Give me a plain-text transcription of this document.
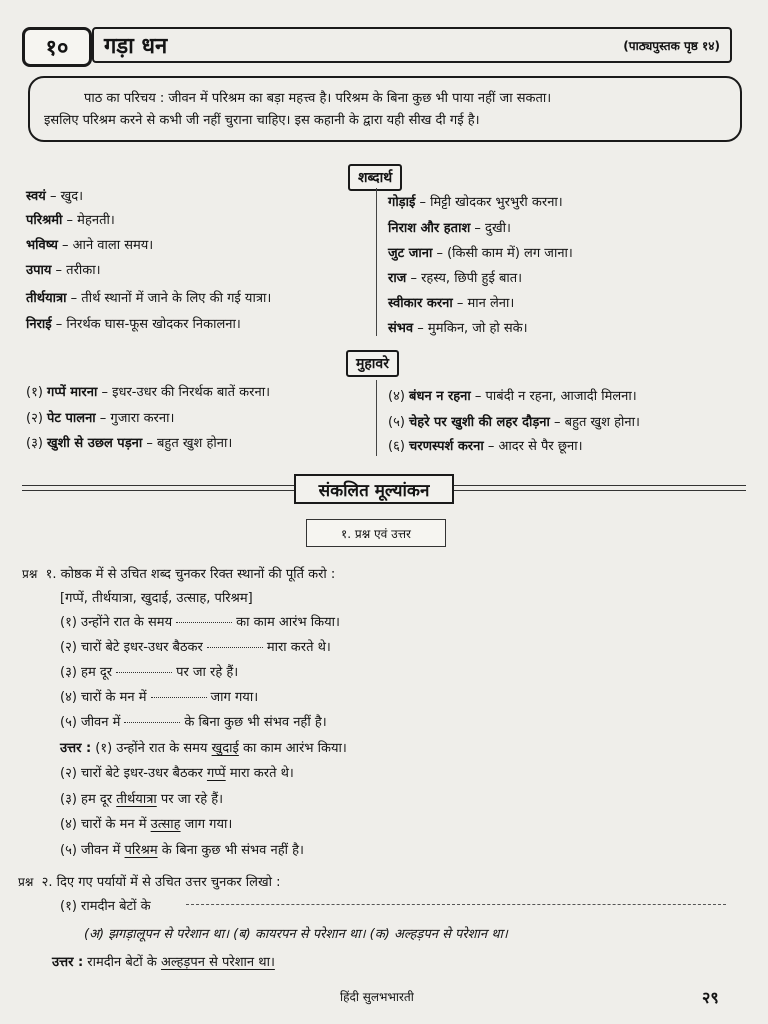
१०	गड़ा धन	(पाठ्यपुस्तक पृष्ठ १४)
पाठ का परिचय : जीवन में परिश्रम का बड़ा महत्त्व है। परिश्रम के बिना कुछ भी पाया नहीं जा सकता।
इसलिए परिश्रम करने से कभी जी नहीं चुराना चाहिए। इस कहानी के द्वारा यही सीख दी गई है।
शब्दार्थ
स्वयं – खुद।
परिश्रमी – मेहनती।
भविष्य – आने वाला समय।
उपाय – तरीका।
तीर्थयात्रा – तीर्थ स्थानों में जाने के लिए की गई यात्रा।
निराई – निरर्थक घास-फूस खोदकर निकालना।
गोड़ाई – मिट्टी खोदकर भुरभुरी करना।
निराश और हताश – दुखी।
जुट जाना – (किसी काम में) लग जाना।
राज – रहस्य, छिपी हुई बात।
स्वीकार करना – मान लेना।
संभव – मुमकिन, जो हो सके।
मुहावरे
(१) गप्पें मारना – इधर-उधर की निरर्थक बातें करना।
(२) पेट पालना – गुजारा करना।
(३) खुशी से उछल पड़ना – बहुत खुश होना।
(४) बंधन न रहना – पाबंदी न रहना, आजादी मिलना।
(५) चेहरे पर खुशी की लहर दौड़ना – बहुत खुश होना।
(६) चरणस्पर्श करना – आदर से पैर छूना।
संकलित मूल्यांकन
१. प्रश्न एवं उत्तर
प्रश्न १. कोष्ठक में से उचित शब्द चुनकर रिक्त स्थानों की पूर्ति करो :
[गप्पें, तीर्थयात्रा, खुदाई, उत्साह, परिश्रम]
(१) उन्होंने रात के समय	का काम आरंभ किया।
(२) चारों बेटे इधर-उधर बैठकर	मारा करते थे।
(३) हम दूर	पर जा रहे हैं।
(४) चारों के मन में	जाग गया।
(५) जीवन में	के बिना कुछ भी संभव नहीं है।
उत्तर : (१) उन्होंने रात के समय खुदाई का काम आरंभ किया।
(२) चारों बेटे इधर-उधर बैठकर गप्पें मारा करते थे।
(३) हम दूर तीर्थयात्रा पर जा रहे हैं।
(४) चारों के मन में उत्साह जाग गया।
(५) जीवन में परिश्रम के बिना कुछ भी संभव नहीं है।
प्रश्न २. दिए गए पर्यायों में से उचित उत्तर चुनकर लिखो :
(१) रामदीन बेटों के
(अ) झगड़ालूपन से परेशान था। (ब) कायरपन से परेशान था। (क) अल्हड़पन से परेशान था।
उत्तर : रामदीन बेटों के अल्हड़पन से परेशान था।
हिंदी सुलभभारती	२९
